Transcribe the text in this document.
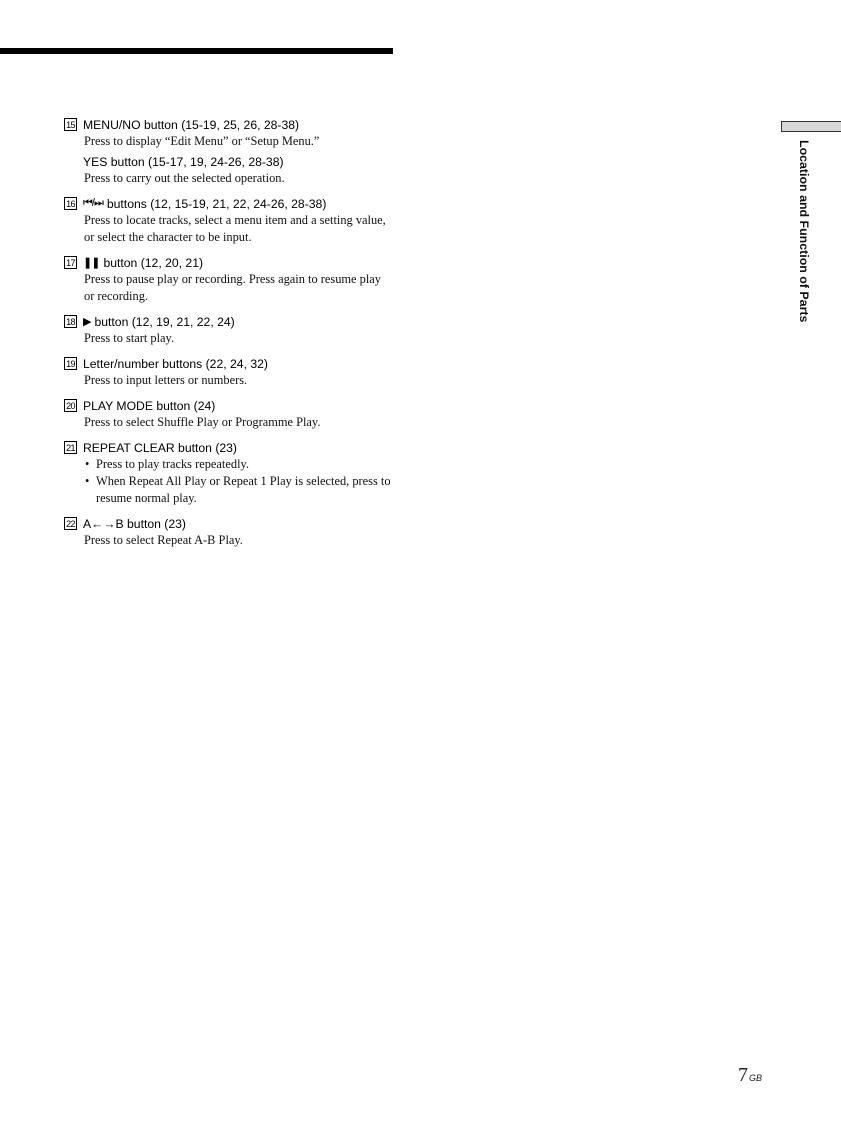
15 MENU/NO button (15-19, 25, 26, 28-38)
Press to display “Edit Menu” or “Setup Menu.”
YES button (15-17, 19, 24-26, 28-38)
Press to carry out the selected operation.
16 ⏮/⏭ buttons (12, 15-19, 21, 22, 24-26, 28-38)
Press to locate tracks, select a menu item and a setting value, or select the character to be input.
17 ❚❚ button (12, 20, 21)
Press to pause play or recording. Press again to resume play or recording.
18 ▶ button (12, 19, 21, 22, 24)
Press to start play.
19 Letter/number buttons (22, 24, 32)
Press to input letters or numbers.
20 PLAY MODE button (24)
Press to select Shuffle Play or Programme Play.
21 REPEAT CLEAR button (23)
• Press to play tracks repeatedly.
• When Repeat All Play or Repeat 1 Play is selected, press to resume normal play.
22 A←→B button (23)
Press to select Repeat A-B Play.
Location and Function of Parts
7GB
